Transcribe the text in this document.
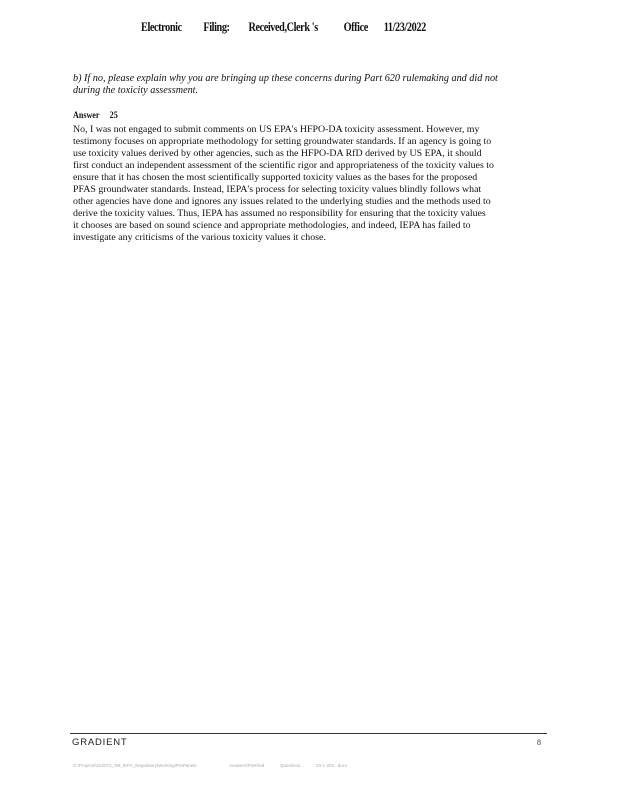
Electronic Filing: Received,Clerk 's Office 11/23/2022
b) If no, please explain why you are bringing up these concerns during Part 620 rulemaking and did not
during the toxicity assessment.
Answer 25
No, I was not engaged to submit comments on US EPA's HFPO-DA toxicity assessment. However, my
testimony focuses on appropriate methodology for setting groundwater standards. If an agency is going to
use toxicity values derived by other agencies, such as the HFPO-DA RfD derived by US EPA, it should
first conduct an independent assessment of the scientific rigor and appropriateness of the toxicity values to
ensure that it has chosen the most scientifically supported toxicity values as the bases for the proposed
PFAS groundwater standards. Instead, IEPA's process for selecting toxicity values blindly follows what
other agencies have done and ignores any issues related to the underlying studies and the methods used to
derive the toxicity values. Thus, IEPA has assumed no responsibility for ensuring that the toxicity values
it chooses are based on sound science and appropriate methodologies, and indeed, IEPA has failed to
investigate any criticisms of the various toxicity values it chose.
GRADIENT	8
G:\Projects\222072_3M_IEPA_Regulatory\Working\PrePanels	Answers\PreFiled	Questions...	23-1-202...docx
